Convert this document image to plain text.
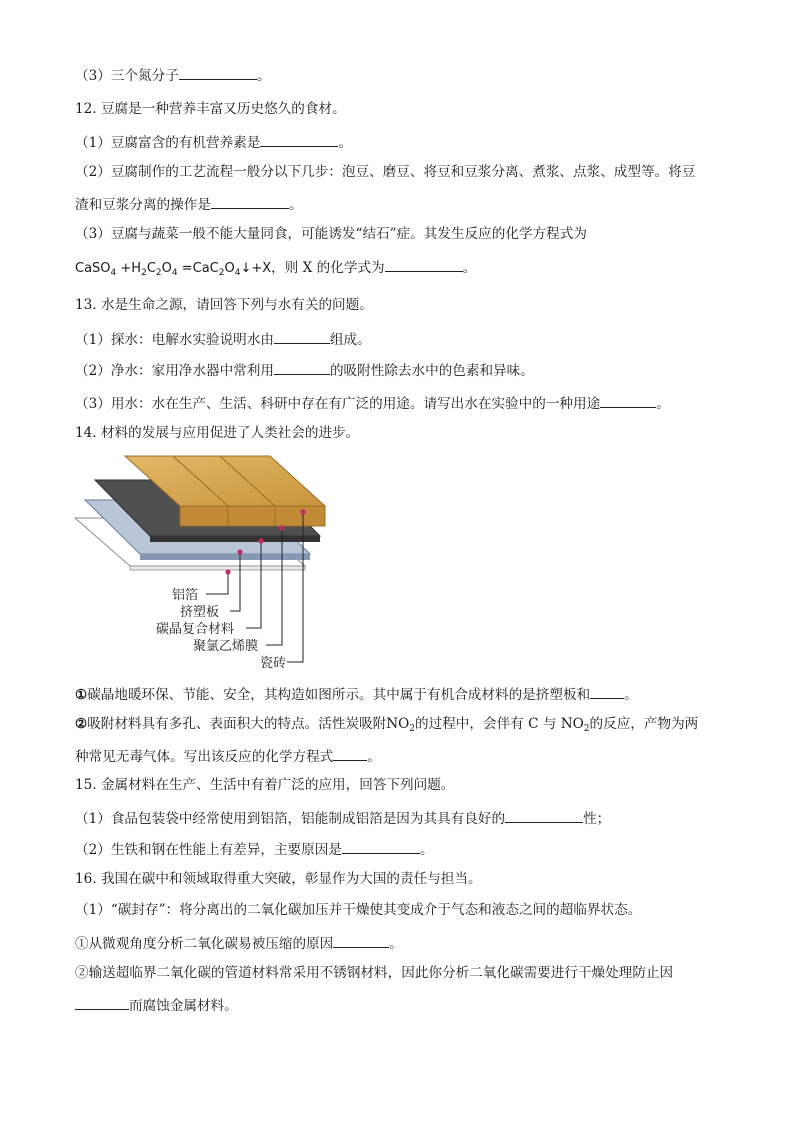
（3）三个氮分子	。
12. 豆腐是一种营养丰富又历史悠久的食材。
（1）豆腐富含的有机营养素是	。
（2）豆腐制作的工艺流程一般分以下几步：泡豆、磨豆、将豆和豆浆分离、煮浆、点浆、成型等。将豆
渣和豆浆分离的操作是	。
（3）豆腐与蔬菜一般不能大量同食，可能诱发“结石”症。其发生反应的化学方程式为
CaSO$_4$ $+H_2C_2O_4$ $=CaC_2O_4↓+X$，则 X 的化学式为	。
13. 水是生命之源，请回答下列与水有关的问题。
（1）探水：电解水实验说明水由	组成。
（2）净水：家用净水器中常利用	的吸附性除去水中的色素和异味。
（3）用水：水在生产、生活、科研中存在有广泛的用途。请写出水在实验中的一种用途	。
14. 材料的发展与应用促进了人类社会的进步。
铝箔
挤塑板
碳晶复合材料
聚氯乙烯膜
瓷砖
①碳晶地暖环保、节能、安全，其构造如图所示。其中属于有机合成材料的是挤塑板和	。
②吸附材料具有多孔、表面积大的特点。活性炭吸附$NO_2$的过程中，会伴有 C 与 $NO_2$的反应，产物为两
种常见无毒气体。写出该反应的化学方程式	。
15. 金属材料在生产、生活中有着广泛的应用，回答下列问题。
（1）食品包装袋中经常使用到铝箔，铝能制成铝箔是因为其具有良好的	性；
（2）生铁和钢在性能上有差异，主要原因是	。
16. 我国在碳中和领域取得重大突破，彰显作为大国的责任与担当。
（1）“碳封存”：将分离出的二氧化碳加压并干燥使其变成介于气态和液态之间的超临界状态。
①从微观角度分析二氧化碳易被压缩的原因	。
②输送超临界二氧化碳的管道材料常采用不锈钢材料，因此你分析二氧化碳需要进行干燥处理防止因
而腐蚀金属材料。
